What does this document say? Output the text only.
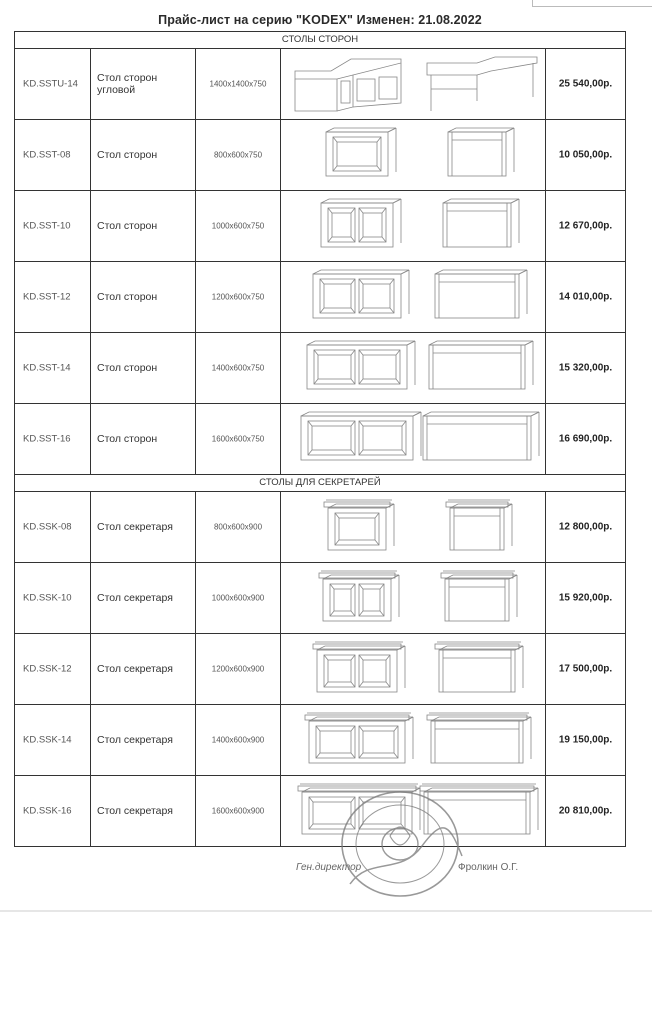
Прайс-лист на серию "KODEX" Изменен: 21.08.2022
СТОЛЫ СТОРОН
KD.SSTU-14	Стол сторон угловой	1400x1400x750	25 540,00р.
KD.SST-08	Стол сторон	800x600x750	10 050,00р.
KD.SST-10	Стол сторон	1000x600x750	12 670,00р.
KD.SST-12	Стол сторон	1200x600x750	14 010,00р.
KD.SST-14	Стол сторон	1400x600x750	15 320,00р.
KD.SST-16	Стол сторон	1600x600x750	16 690,00р.
СТОЛЫ ДЛЯ СЕКРЕТАРЕЙ
KD.SSK-08	Стол секретаря	800x600x900	12 800,00р.
KD.SSK-10	Стол секретаря	1000x600x900	15 920,00р.
KD.SSK-12	Стол секретаря	1200x600x900	17 500,00р.
KD.SSK-14	Стол секретаря	1400x600x900	19 150,00р.
KD.SSK-16	Стол секретаря	1600x600x900	20 810,00р.
Ген.директор	Фролкин О.Г.
